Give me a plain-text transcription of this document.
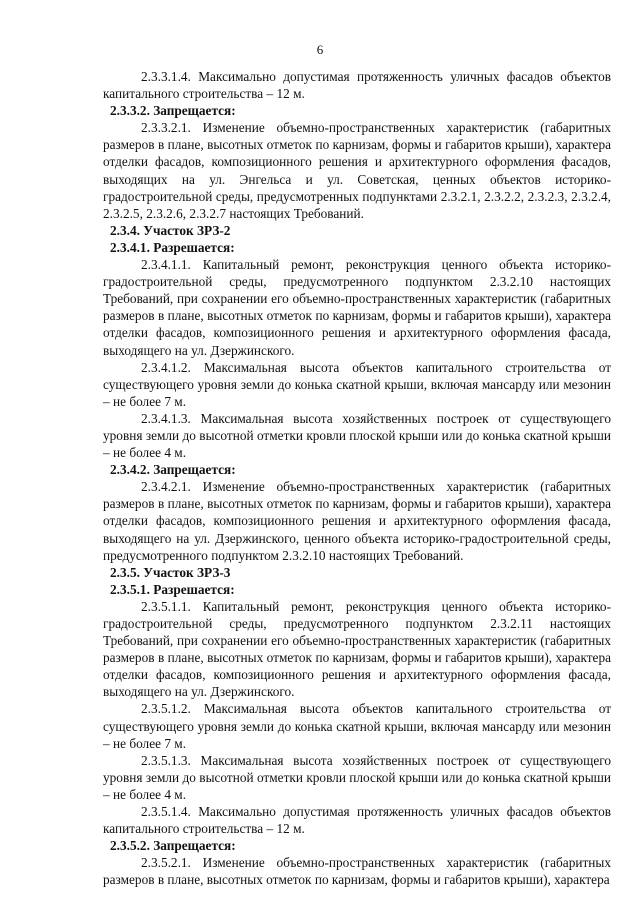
6

2.3.3.1.4. Максимально допустимая протяженность уличных фасадов объектов капитального строительства – 12 м.

2.3.3.2. Запрещается:

2.3.3.2.1. Изменение объемно-пространственных характеристик (габаритных размеров в плане, высотных отметок по карнизам, формы и габаритов крыши), характера отделки фасадов, композиционного решения и архитектурного оформления фасадов, выходящих на ул. Энгельса и ул. Советская, ценных объектов историко-градостроительной среды, предусмотренных подпунктами 2.3.2.1, 2.3.2.2, 2.3.2.3, 2.3.2.4, 2.3.2.5, 2.3.2.6, 2.3.2.7 настоящих Требований.

2.3.4. Участок ЗРЗ-2

2.3.4.1. Разрешается:

2.3.4.1.1. Капитальный ремонт, реконструкция ценного объекта историко-градостроительной среды, предусмотренного подпунктом 2.3.2.10 настоящих Требований, при сохранении его объемно-пространственных характеристик (габаритных размеров в плане, высотных отметок по карнизам, формы и габаритов крыши), характера отделки фасадов, композиционного решения и архитектурного оформления фасада, выходящего на ул. Дзержинского.

2.3.4.1.2. Максимальная высота объектов капитального строительства от существующего уровня земли до конька скатной крыши, включая мансарду или мезонин – не более 7 м.

2.3.4.1.3. Максимальная высота хозяйственных построек от существующего уровня земли до высотной отметки кровли плоской крыши или до конька скатной крыши – не более 4 м.

2.3.4.2. Запрещается:

2.3.4.2.1. Изменение объемно-пространственных характеристик (габаритных размеров в плане, высотных отметок по карнизам, формы и габаритов крыши), характера отделки фасадов, композиционного решения и архитектурного оформления фасада, выходящего на ул. Дзержинского, ценного объекта историко-градостроительной среды, предусмотренного подпунктом 2.3.2.10 настоящих Требований.

2.3.5. Участок ЗРЗ-3

2.3.5.1. Разрешается:

2.3.5.1.1. Капитальный ремонт, реконструкция ценного объекта историко-градостроительной среды, предусмотренного подпунктом 2.3.2.11 настоящих Требований, при сохранении его объемно-пространственных характеристик (габаритных размеров в плане, высотных отметок по карнизам, формы и габаритов крыши), характера отделки фасадов, композиционного решения и архитектурного оформления фасада, выходящего на ул. Дзержинского.

2.3.5.1.2. Максимальная высота объектов капитального строительства от существующего уровня земли до конька скатной крыши, включая мансарду или мезонин – не более 7 м.

2.3.5.1.3. Максимальная высота хозяйственных построек от существующего уровня земли до высотной отметки кровли плоской крыши или до конька скатной крыши – не более 4 м.

2.3.5.1.4. Максимально допустимая протяженность уличных фасадов объектов капитального строительства – 12 м.

2.3.5.2. Запрещается:

2.3.5.2.1. Изменение объемно-пространственных характеристик (габаритных размеров в плане, высотных отметок по карнизам, формы и габаритов крыши), характера
